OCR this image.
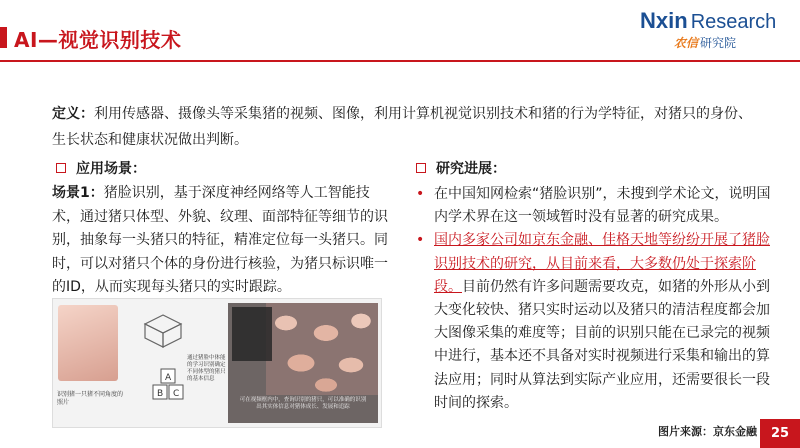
AI—视觉识别技术
Nxin Research
农信 研究院
定义：利用传感器、摄像头等采集猪的视频、图像，利用计算机视觉识别技术和猪的行为学特征，对猪只的身份、生长状态和健康状况做出判断。
应用场景：
场景1：猪脸识别，基于深度神经网络等人工智能技术，通过猪只体型、外貌、纹理、面部特征等细节的识别，抽象每一头猪只的特征，精准定位每一头猪只。同时，可以对猪只个体的身份进行核验，为猪只标识唯一的ID，从而实现每头猪只的实时跟踪。
识别猪一只猪不同角度的照片
B C
A
通过猪脸中体能的学习识别确定不同体型的猪只的基本信息
可在视频框内中，查询识别的猪只，可以准确的识别出其实体信息对猪体成长、发展和追踪
研究进展：
• 在中国知网检索“猪脸识别”，未搜到学术论文，说明国内学术界在这一领域暂时没有显著的研究成果。
• 国内多家公司如京东金融、佳格天地等纷纷开展了猪脸识别技术的研究，从目前来看，大多数仍处于探索阶段。目前仍然有许多问题需要攻克，如猪的外形从小到大变化较快、猪只实时运动以及猪只的清洁程度都会加大图像采集的难度等；目前的识别只能在已录完的视频中进行，基本还不具备对实时视频进行采集和输出的算法应用；同时从算法到实际产业应用，还需要很长一段时间的探索。
图片来源：京东金融	25
